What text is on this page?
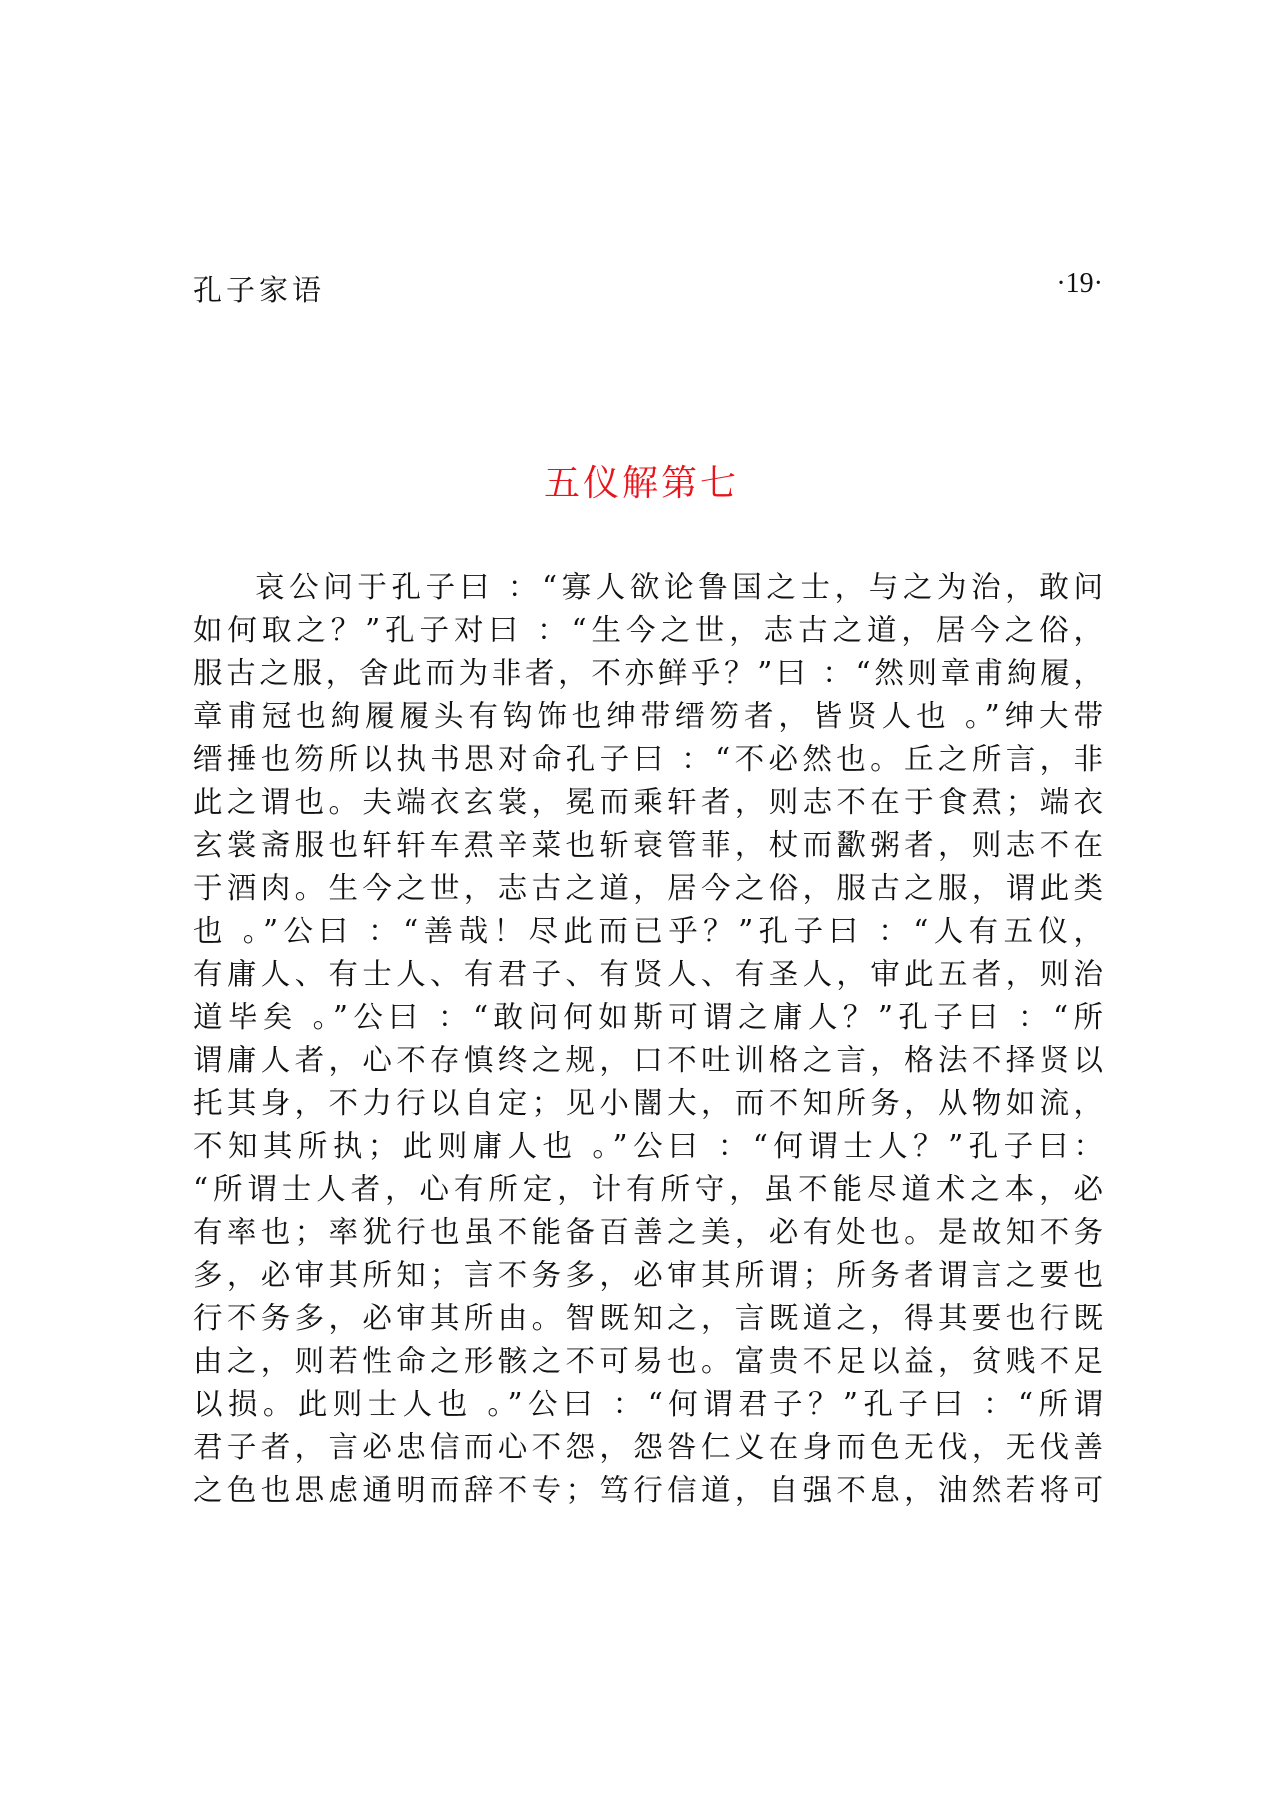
孔子家语	·19·
五仪解第七
哀公问于孔子曰 ：“寡人欲论鲁国之士，与之为治，敢问
如何取之？”孔子对曰 ：“生今之世，志古之道，居今之俗，
服古之服，舍此而为非者，不亦鲜乎？”曰 ：“然则章甫絇履，
章甫冠也絇履履头有钩饰也绅带缙笏者，皆贤人也 。”绅大带
缙捶也笏所以执书思对命孔子曰 ：“不必然也。丘之所言，非
此之谓也。夫端衣玄裳，冕而乘轩者，则志不在于食焄；端衣
玄裳斋服也轩轩车焄辛菜也斩衰管菲，杖而歠粥者，则志不在
于酒肉。生今之世，志古之道，居今之俗，服古之服，谓此类
也 。”公曰 ：“善哉！尽此而已乎？”孔子曰 ：“人有五仪，
有庸人、有士人、有君子、有贤人、有圣人，审此五者，则治
道毕矣 。”公曰 ：“敢问何如斯可谓之庸人？”孔子曰 ：“所
谓庸人者，心不存慎终之规，口不吐训格之言，格法不择贤以
托其身，不力行以自定；见小闇大，而不知所务，从物如流，
不知其所执；此则庸人也 。”公曰 ：“何谓士人？”孔子曰：
“所谓士人者，心有所定，计有所守，虽不能尽道术之本，必
有率也；率犹行也虽不能备百善之美，必有处也。是故知不务
多，必审其所知；言不务多，必审其所谓；所务者谓言之要也
行不务多，必审其所由。智既知之，言既道之，得其要也行既
由之，则若性命之形骸之不可易也。富贵不足以益，贫贱不足
以损。此则士人也 。”公曰 ：“何谓君子？”孔子曰 ：“所谓
君子者，言必忠信而心不怨，怨咎仁义在身而色无伐，无伐善
之色也思虑通明而辞不专；笃行信道，自强不息，油然若将可
